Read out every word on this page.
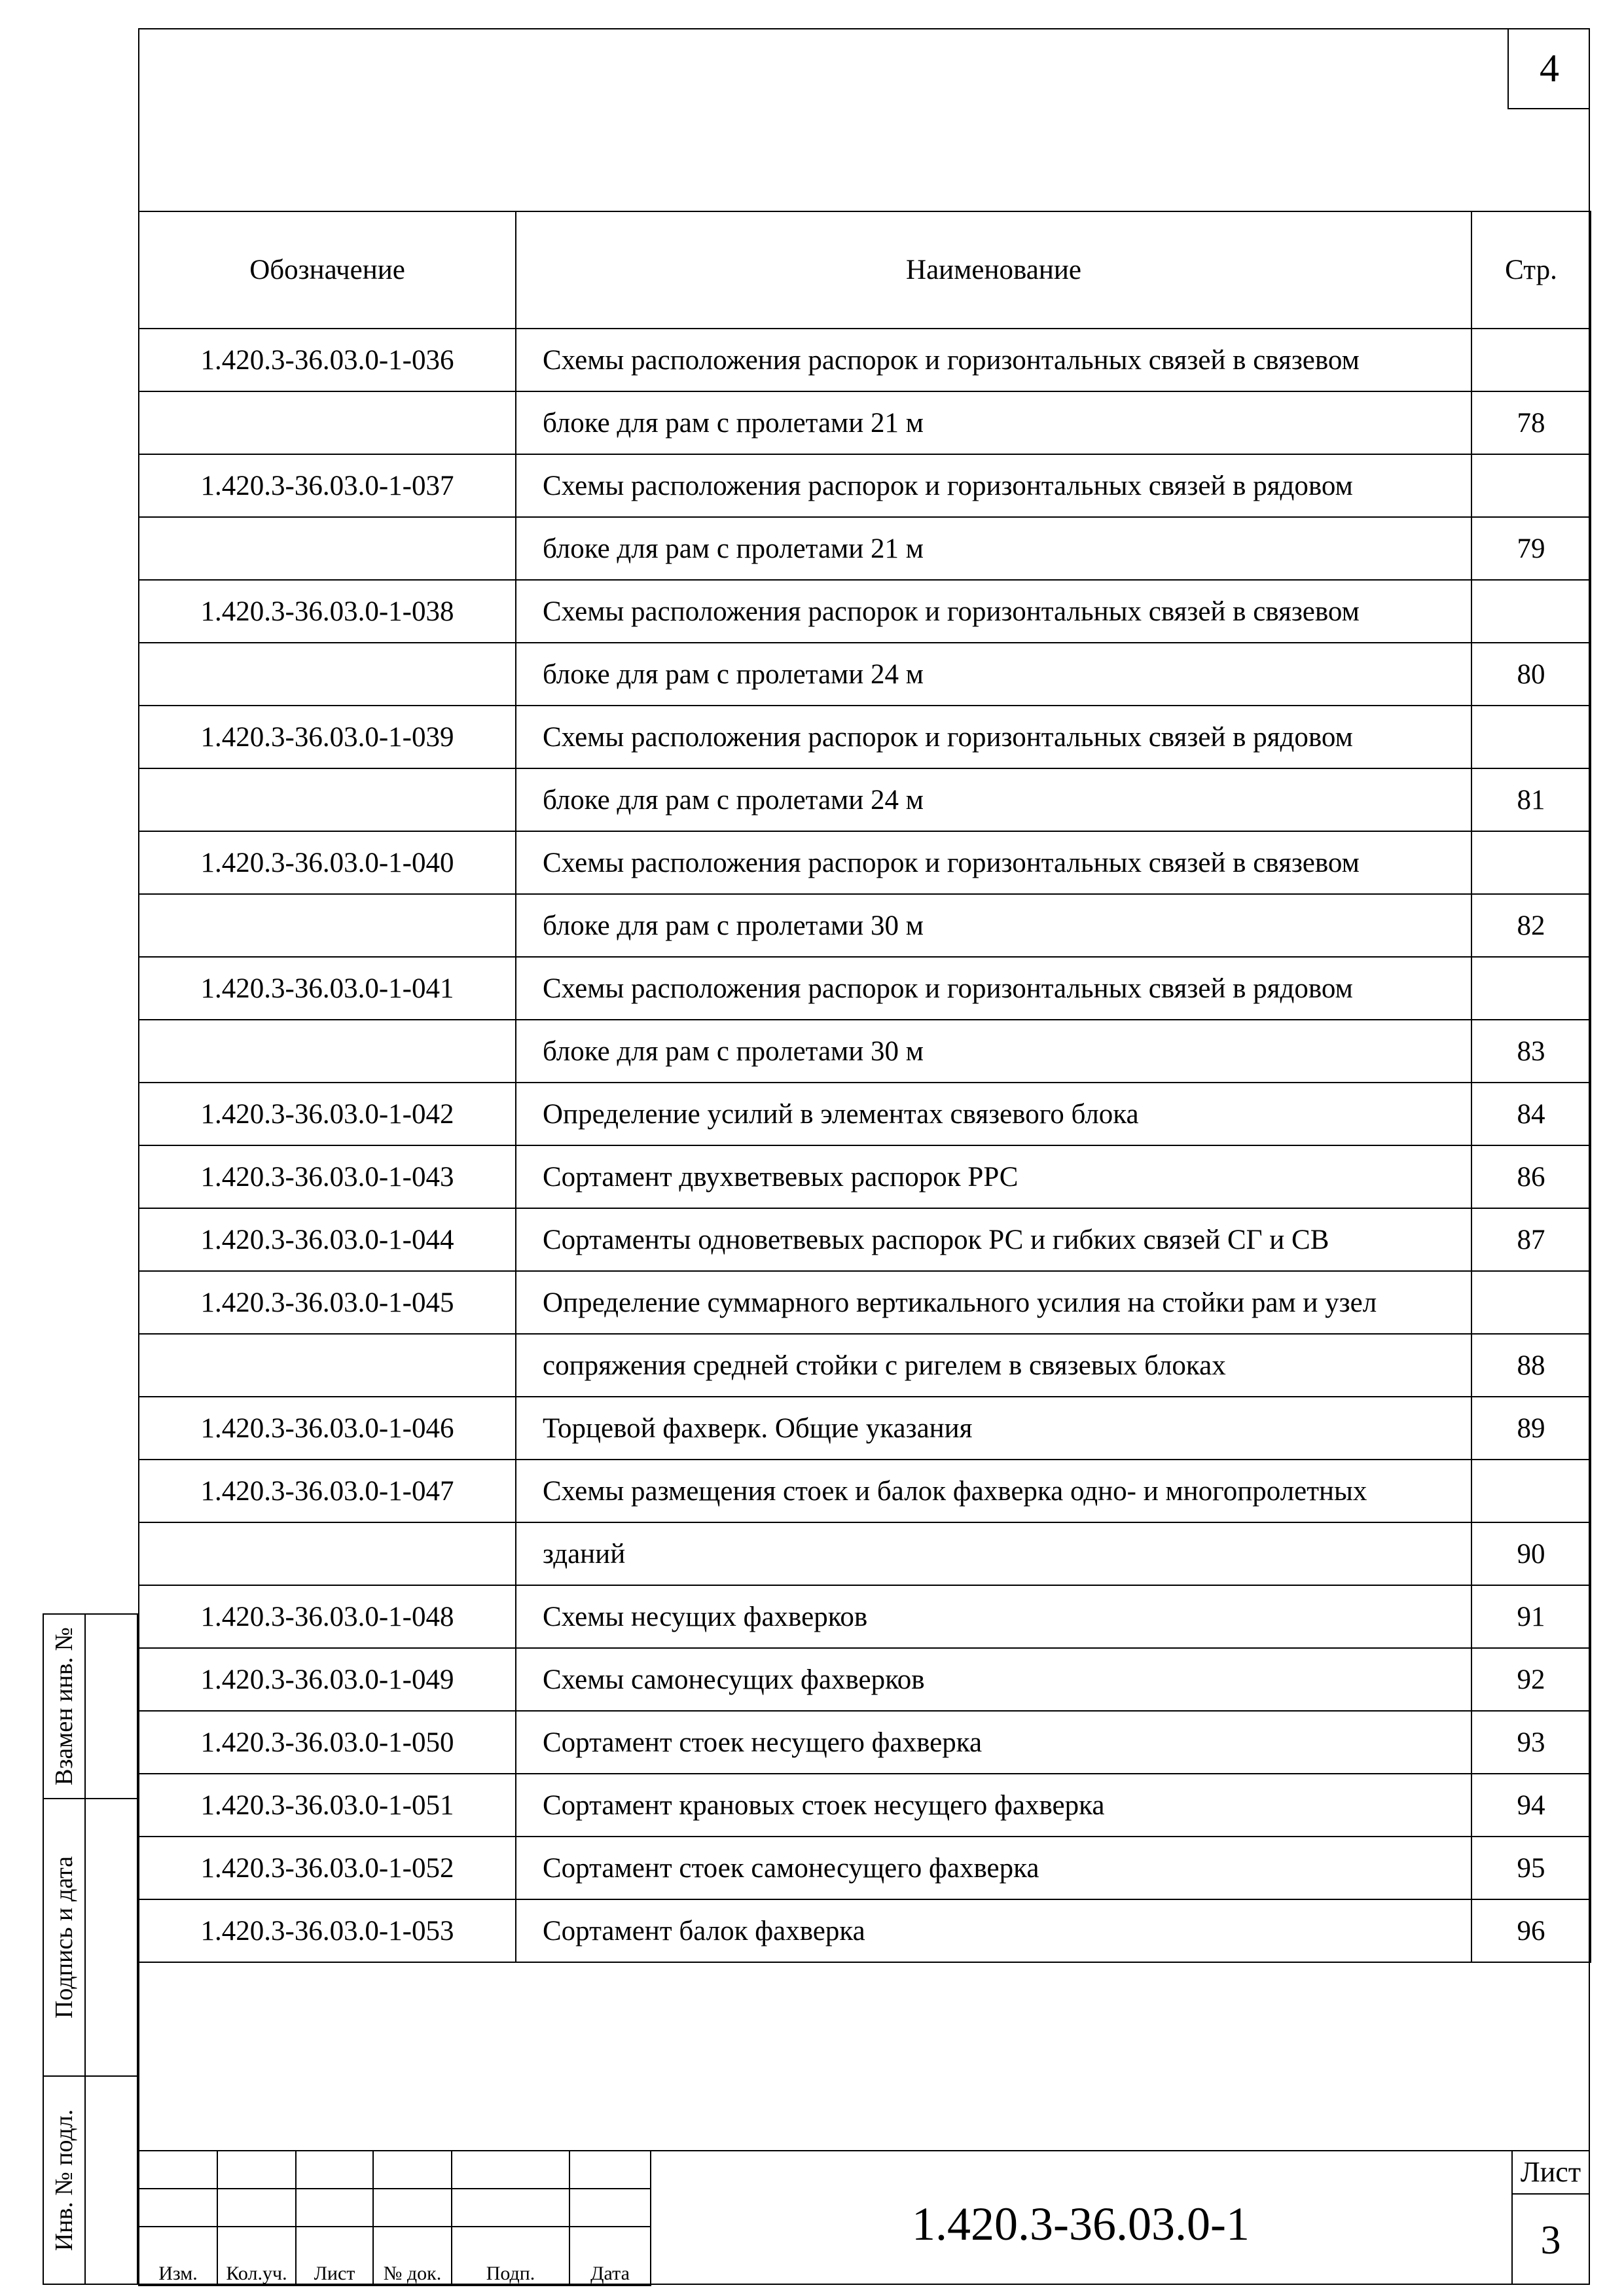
4
Обозначение	Наименование	Стр.
1.420.3-36.03.0-1-036	Схемы расположения распорок и горизонтальных связей в связевом	
	блоке для рам с пролетами 21 м	78
1.420.3-36.03.0-1-037	Схемы расположения распорок и горизонтальных связей в рядовом	
	блоке для рам с пролетами 21 м	79
1.420.3-36.03.0-1-038	Схемы расположения распорок и горизонтальных связей в связевом	
	блоке для рам с пролетами 24 м	80
1.420.3-36.03.0-1-039	Схемы расположения распорок и горизонтальных связей в рядовом	
	блоке для рам с пролетами 24 м	81
1.420.3-36.03.0-1-040	Схемы расположения распорок и горизонтальных связей в связевом	
	блоке для рам с пролетами 30 м	82
1.420.3-36.03.0-1-041	Схемы расположения распорок и горизонтальных связей в рядовом	
	блоке для рам с пролетами 30 м	83
1.420.3-36.03.0-1-042	Определение усилий в элементах связевого блока	84
1.420.3-36.03.0-1-043	Сортамент двухветвевых распорок РРС	86
1.420.3-36.03.0-1-044	Сортаменты одноветвевых распорок РС и гибких связей СГ и СВ	87
1.420.3-36.03.0-1-045	Определение суммарного вертикального усилия на стойки рам и узел	
	сопряжения средней стойки с ригелем в связевых блоках	88
1.420.3-36.03.0-1-046	Торцевой фахверк. Общие указания	89
1.420.3-36.03.0-1-047	Схемы размещения стоек и балок фахверка одно- и многопролетных	
	зданий	90
1.420.3-36.03.0-1-048	Схемы несущих фахверков	91
1.420.3-36.03.0-1-049	Схемы самонесущих фахверков	92
1.420.3-36.03.0-1-050	Сортамент стоек несущего фахверка	93
1.420.3-36.03.0-1-051	Сортамент крановых стоек несущего фахверка	94
1.420.3-36.03.0-1-052	Сортамент стоек самонесущего фахверка	95
1.420.3-36.03.0-1-053	Сортамент балок фахверка	96
Взамен инв. №
Подпись и дата
Инв. № подл.

Изм.	Кол.уч.	Лист	№ док.	Подп.	Дата
1.420.3-36.03.0-1
Лист
3
